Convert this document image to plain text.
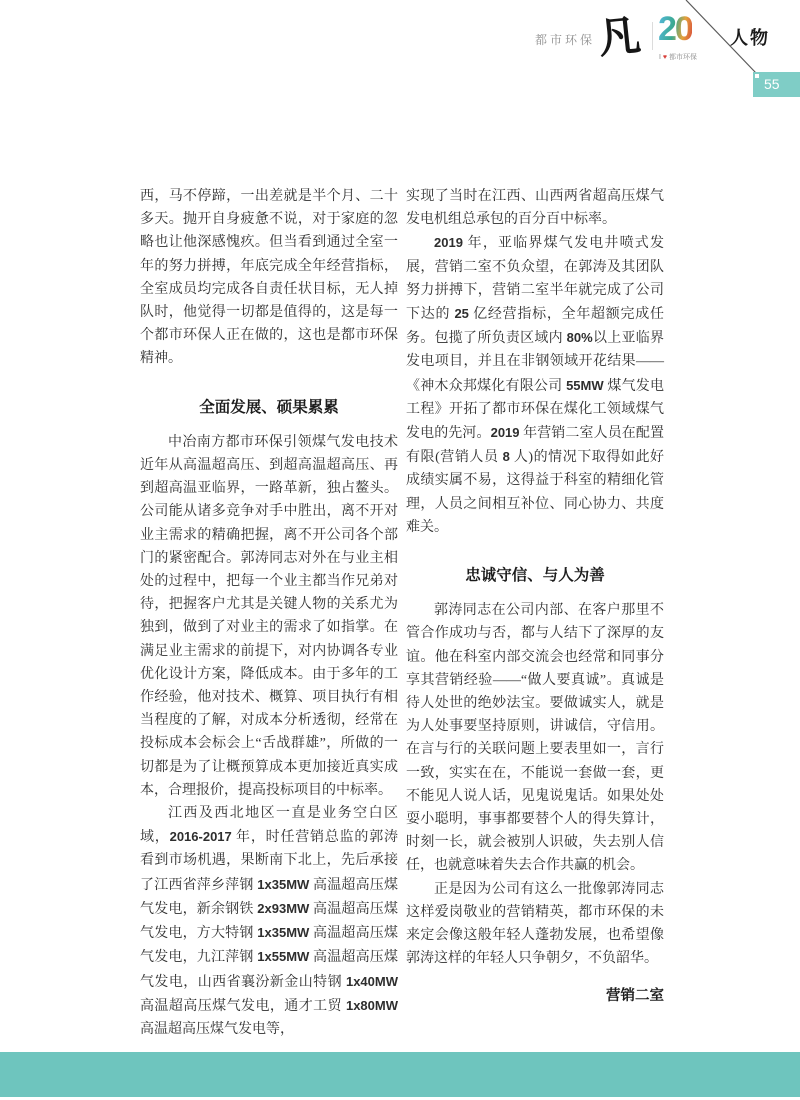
都市环保 凡 20
I ♥ 都市环保
人物
55

西，马不停蹄，一出差就是半个月、二十多天。抛开自身疲惫不说，对于家庭的忽略也让他深感愧疚。但当看到通过全室一年的努力拼搏，年底完成全年经营指标，全室成员均完成各自责任状目标，无人掉队时，他觉得一切都是值得的，这是每一个都市环保人正在做的，这也是都市环保精神。

全面发展、硕果累累

中冶南方都市环保引领煤气发电技术近年从高温超高压、到超高温超高压、再到超高温亚临界，一路革新，独占鳌头。公司能从诸多竞争对手中胜出，离不开对业主需求的精确把握，离不开公司各个部门的紧密配合。郭涛同志对外在与业主相处的过程中，把每一个业主都当作兄弟对待，把握客户尤其是关键人物的关系尤为独到，做到了对业主的需求了如指掌。在满足业主需求的前提下，对内协调各专业优化设计方案，降低成本。由于多年的工作经验，他对技术、概算、项目执行有相当程度的了解，对成本分析透彻，经常在投标成本会标会上“舌战群雄”，所做的一切都是为了让概预算成本更加接近真实成本，合理报价，提高投标项目的中标率。

江西及西北地区一直是业务空白区域，2016-2017 年，时任营销总监的郭涛看到市场机遇，果断南下北上，先后承接了江西省萍乡萍钢 1x35MW 高温超高压煤气发电，新余钢铁 2x93MW 高温超高压煤气发电，方大特钢 1x35MW 高温超高压煤气发电，九江萍钢 1x55MW 高温超高压煤气发电，山西省襄汾新金山特钢 1x40MW 高温超高压煤气发电，通才工贸 1x80MW 高温超高压煤气发电等，

实现了当时在江西、山西两省超高压煤气发电机组总承包的百分百中标率。

2019 年，亚临界煤气发电井喷式发展，营销二室不负众望，在郭涛及其团队努力拼搏下，营销二室半年就完成了公司下达的 25 亿经营指标，全年超额完成任务。包揽了所负责区域内 80%以上亚临界发电项目，并且在非钢领域开花结果——《神木众邦煤化有限公司 55MW 煤气发电工程》开拓了都市环保在煤化工领域煤气发电的先河。2019 年营销二室人员在配置有限(营销人员 8 人)的情况下取得如此好成绩实属不易，这得益于科室的精细化管理，人员之间相互补位、同心协力、共度难关。

忠诚守信、与人为善

郭涛同志在公司内部、在客户那里不管合作成功与否，都与人结下了深厚的友谊。他在科室内部交流会也经常和同事分享其营销经验——“做人要真诚”。真诚是待人处世的绝妙法宝。要做诚实人，就是为人处事要坚持原则，讲诚信，守信用。在言与行的关联问题上要表里如一，言行一致，实实在在，不能说一套做一套，更不能见人说人话，见鬼说鬼话。如果处处耍小聪明，事事都要替个人的得失算计，时刻一长，就会被别人识破，失去别人信任，也就意味着失去合作共赢的机会。

正是因为公司有这么一批像郭涛同志这样爱岗敬业的营销精英，都市环保的未来定会像这般年轻人蓬勃发展，也希望像郭涛这样的年轻人只争朝夕，不负韶华。

营销二室
